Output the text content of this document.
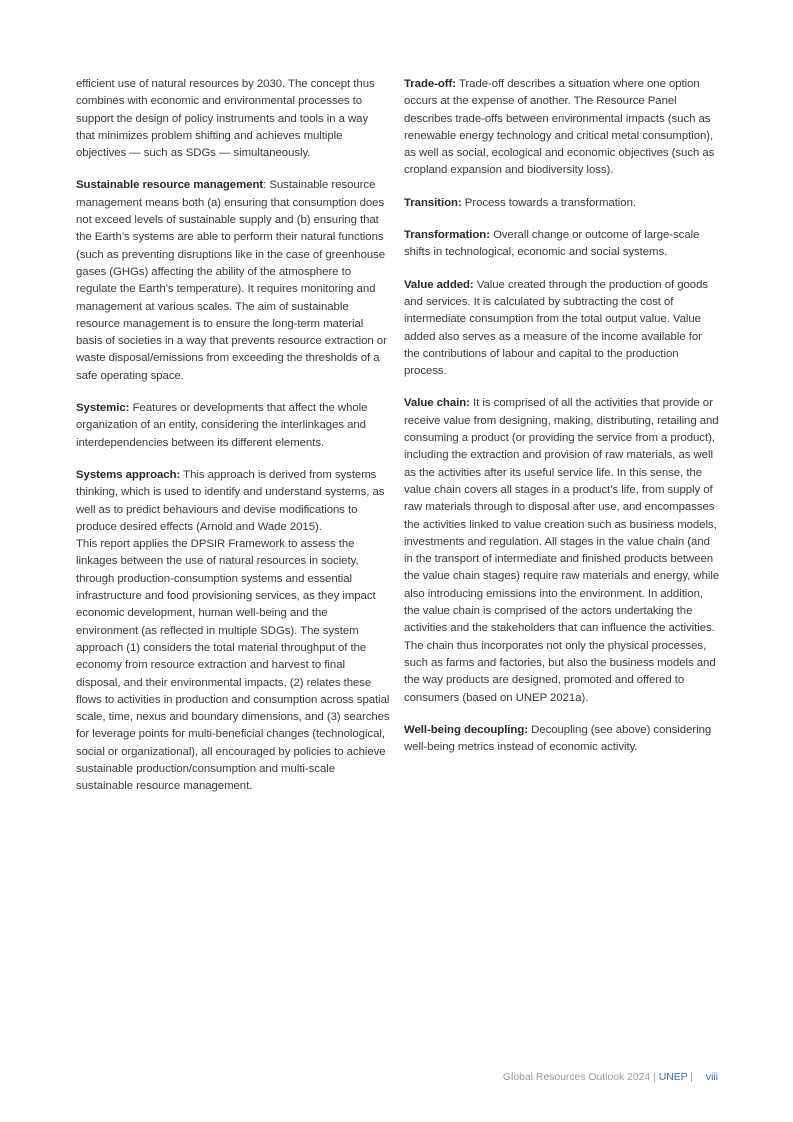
efficient use of natural resources by 2030. The concept thus combines with economic and environmental processes to support the design of policy instruments and tools in a way that minimizes problem shifting and achieves multiple objectives — such as SDGs — simultaneously.

Sustainable resource management: Sustainable resource management means both (a) ensuring that consumption does not exceed levels of sustainable supply and (b) ensuring that the Earth’s systems are able to perform their natural functions (such as preventing disruptions like in the case of greenhouse gases (GHGs) affecting the ability of the atmosphere to regulate the Earth’s temperature). It requires monitoring and management at various scales. The aim of sustainable resource management is to ensure the long-term material basis of societies in a way that prevents resource extraction or waste disposal/emissions from exceeding the thresholds of a safe operating space.

Systemic: Features or developments that affect the whole organization of an entity, considering the interlinkages and interdependencies between its different elements.

Systems approach: This approach is derived from systems thinking, which is used to identify and understand systems, as well as to predict behaviours and devise modifications to produce desired effects (Arnold and Wade 2015).

This report applies the DPSIR Framework to assess the linkages between the use of natural resources in society, through production-consumption systems and essential infrastructure and food provisioning services, as they impact economic development, human well-being and the environment (as reflected in multiple SDGs). The system approach (1) considers the total material throughput of the economy from resource extraction and harvest to final disposal, and their environmental impacts, (2) relates these flows to activities in production and consumption across spatial scale, time, nexus and boundary dimensions, and (3) searches for leverage points for multi-beneficial changes (technological, social or organizational), all encouraged by policies to achieve sustainable production/consumption and multi-scale sustainable resource management.

Trade-off: Trade-off describes a situation where one option occurs at the expense of another. The Resource Panel describes trade-offs between environmental impacts (such as renewable energy technology and critical metal consumption), as well as social, ecological and economic objectives (such as cropland expansion and biodiversity loss).

Transition: Process towards a transformation.

Transformation: Overall change or outcome of large-scale shifts in technological, economic and social systems.

Value added: Value created through the production of goods and services. It is calculated by subtracting the cost of intermediate consumption from the total output value. Value added also serves as a measure of the income available for the contributions of labour and capital to the production process.

Value chain: It is comprised of all the activities that provide or receive value from designing, making, distributing, retailing and consuming a product (or providing the service from a product), including the extraction and provision of raw materials, as well as the activities after its useful service life. In this sense, the value chain covers all stages in a product’s life, from supply of raw materials through to disposal after use, and encompasses the activities linked to value creation such as business models, investments and regulation. All stages in the value chain (and in the transport of intermediate and finished products between the value chain stages) require raw materials and energy, while also introducing emissions into the environment. In addition, the value chain is comprised of the actors undertaking the activities and the stakeholders that can influence the activities. The chain thus incorporates not only the physical processes, such as farms and factories, but also the business models and the way products are designed, promoted and offered to consumers (based on UNEP 2021a).

Well-being decoupling: Decoupling (see above) considering well-being metrics instead of economic activity.

Global Resources Outlook 2024 | UNEP | viii
